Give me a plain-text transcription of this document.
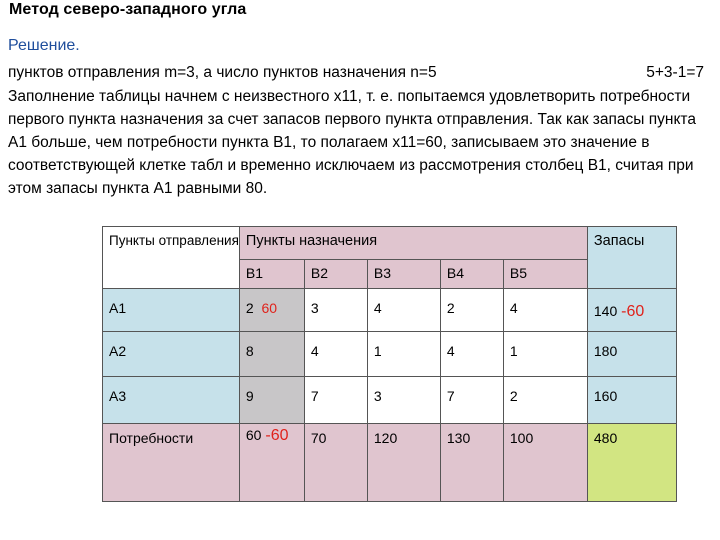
Метод северо-западного угла
Решение.
пунктов отправления m=3, а число пунктов назначения n=5	5+3-1=7

Заполнение таблицы начнем с неизвестного x11, т. е. попытаемся удовлетворить потребности первого пункта назначения за счет запасов первого пункта отправления. Так как запасы пункта A1 больше, чем потребности пункта B1, то полагаем x11=60, записываем это значение в соответствующей клетке табл и временно исключаем из рассмотрения столбец B1, считая при этом запасы пункта A1 равными 80.

Пункты отправления	Пункты назначения					Запасы
	B1	B2	B3	B4	B5	
A1	2 60	3	4	2	4	140 -60
A2	8	4	1	4	1	180
A3	9	7	3	7	2	160
Потребности	60 -60	70	120	130	100	480
